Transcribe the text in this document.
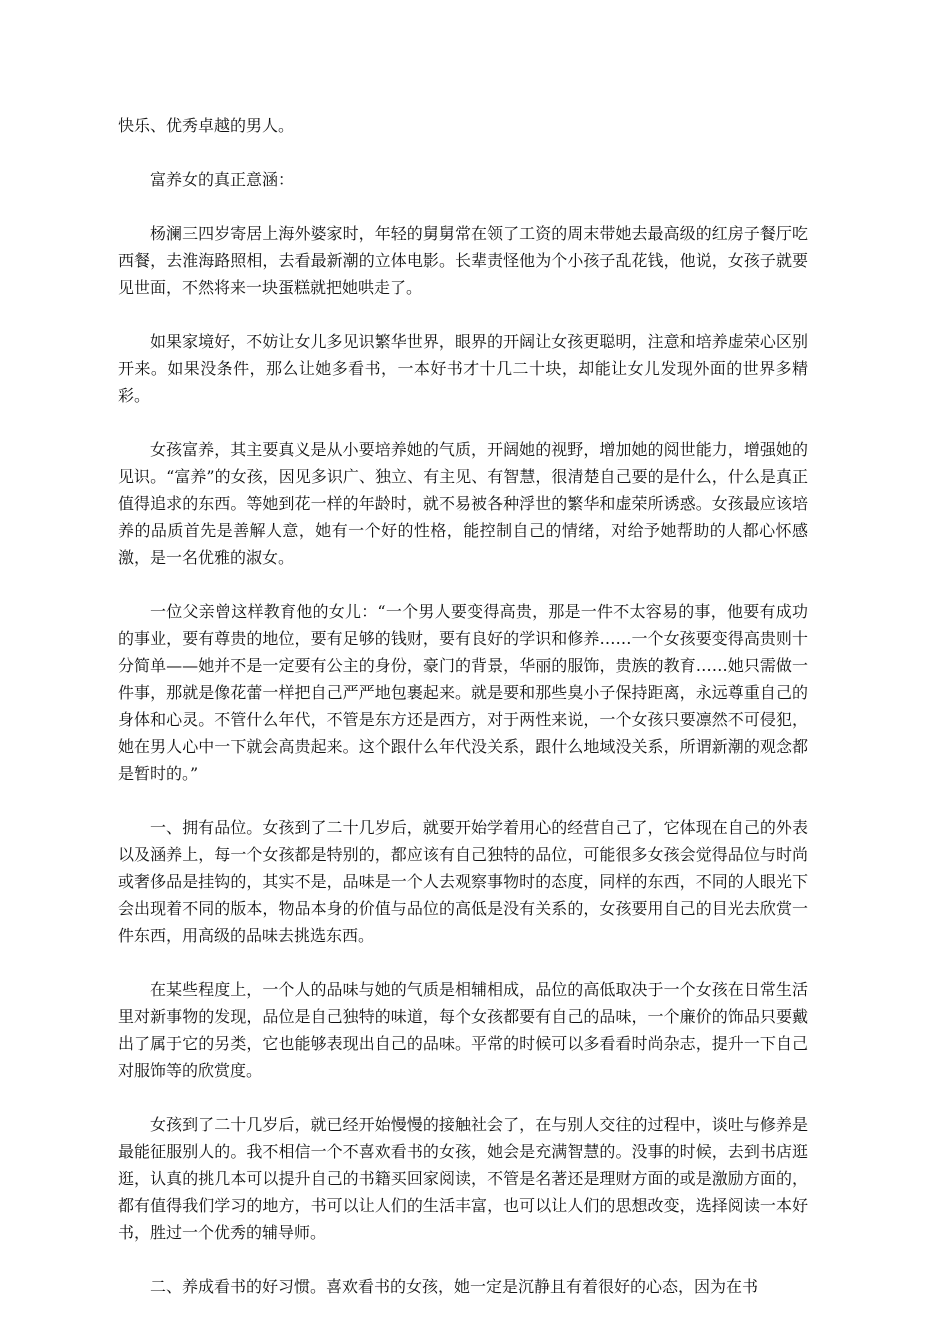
快乐、优秀卓越的男人。

富养女的真正意涵：

杨澜三四岁寄居上海外婆家时，年轻的舅舅常在领了工资的周末带她去最高级的红房子餐厅吃西餐，去淮海路照相，去看最新潮的立体电影。长辈责怪他为个小孩子乱花钱，他说，女孩子就要见世面，不然将来一块蛋糕就把她哄走了。

如果家境好，不妨让女儿多见识繁华世界，眼界的开阔让女孩更聪明，注意和培养虚荣心区别开来。如果没条件，那么让她多看书，一本好书才十几二十块，却能让女儿发现外面的世界多精彩。

女孩富养，其主要真义是从小要培养她的气质，开阔她的视野，增加她的阅世能力，增强她的见识。“富养”的女孩，因见多识广、独立、有主见、有智慧，很清楚自己要的是什么，什么是真正值得追求的东西。等她到花一样的年龄时，就不易被各种浮世的繁华和虚荣所诱惑。女孩最应该培养的品质首先是善解人意，她有一个好的性格，能控制自己的情绪，对给予她帮助的人都心怀感激，是一名优雅的淑女。

一位父亲曾这样教育他的女儿：“一个男人要变得高贵，那是一件不太容易的事，他要有成功的事业，要有尊贵的地位，要有足够的钱财，要有良好的学识和修养……一个女孩要变得高贵则十分简单——她并不是一定要有公主的身份，豪门的背景，华丽的服饰，贵族的教育……她只需做一件事，那就是像花蕾一样把自己严严地包裹起来。就是要和那些臭小子保持距离，永远尊重自己的身体和心灵。不管什么年代，不管是东方还是西方，对于两性来说，一个女孩只要凛然不可侵犯，她在男人心中一下就会高贵起来。这个跟什么年代没关系，跟什么地域没关系，所谓新潮的观念都是暂时的。”

一、拥有品位。女孩到了二十几岁后，就要开始学着用心的经营自己了，它体现在自己的外表以及涵养上，每一个女孩都是特别的，都应该有自己独特的品位，可能很多女孩会觉得品位与时尚或奢侈品是挂钩的，其实不是，品味是一个人去观察事物时的态度，同样的东西，不同的人眼光下会出现着不同的版本，物品本身的价值与品位的高低是没有关系的，女孩要用自己的目光去欣赏一件东西，用高级的品味去挑选东西。

在某些程度上，一个人的品味与她的气质是相辅相成，品位的高低取决于一个女孩在日常生活里对新事物的发现，品位是自己独特的味道，每个女孩都要有自己的品味，一个廉价的饰品只要戴出了属于它的另类，它也能够表现出自己的品味。平常的时候可以多看看时尚杂志，提升一下自己对服饰等的欣赏度。

女孩到了二十几岁后，就已经开始慢慢的接触社会了，在与别人交往的过程中，谈吐与修养是最能征服别人的。我不相信一个不喜欢看书的女孩，她会是充满智慧的。没事的时候，去到书店逛逛，认真的挑几本可以提升自己的书籍买回家阅读，不管是名著还是理财方面的或是激励方面的，都有值得我们学习的地方，书可以让人们的生活丰富，也可以让人们的思想改变，选择阅读一本好书，胜过一个优秀的辅导师。

二、养成看书的好习惯。喜欢看书的女孩，她一定是沉静且有着很好的心态，因为在书
